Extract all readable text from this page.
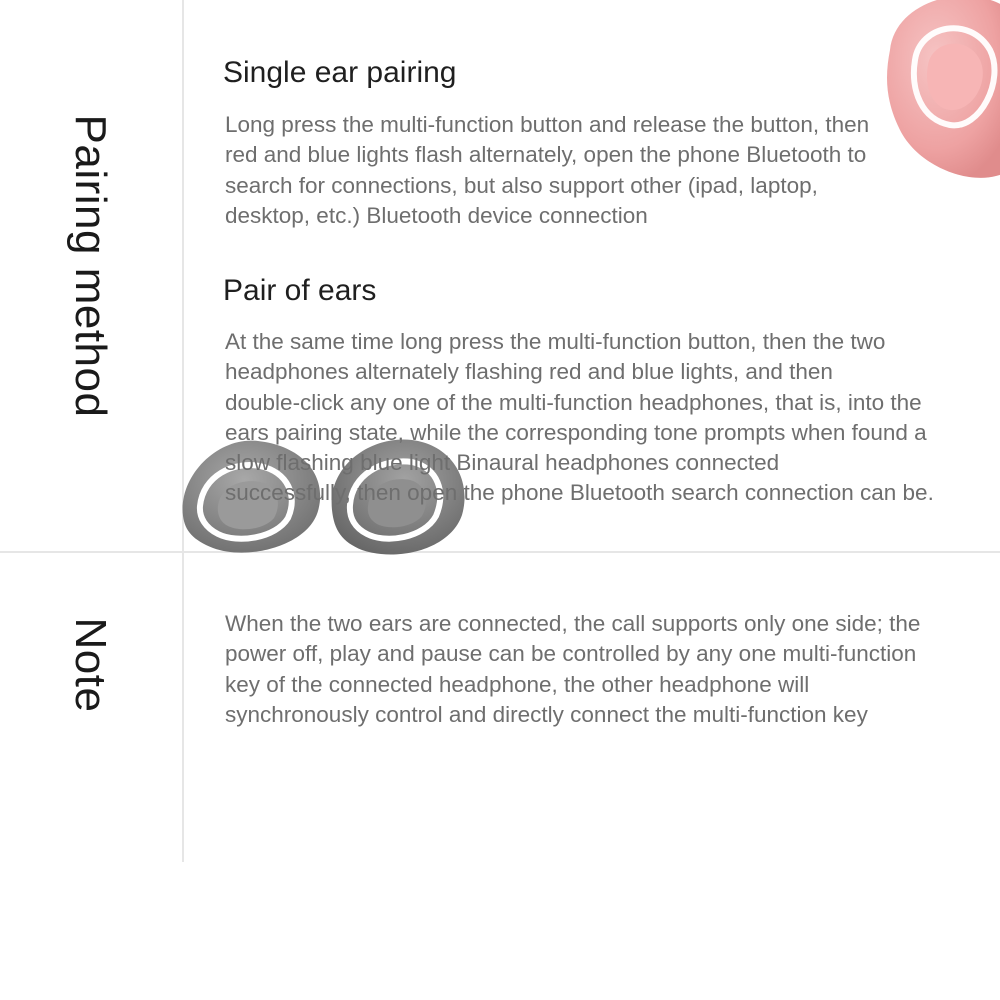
Pairing method
Note
Single ear pairing
Long press the multi-function button and release the button, then
red and blue lights flash alternately, open the phone Bluetooth to
search for connections, but also support other (ipad, laptop,
desktop, etc.) Bluetooth device connection
Pair of ears
At the same time long press the multi-function button, then the two
headphones alternately flashing red and blue lights, and then
double-click any one of the multi-function headphones, that is, into the
ears pairing state, while the corresponding tone prompts when found a
slow flashing blue light Binaural headphones connected
successfully, then open the phone Bluetooth search connection can be.
When the two ears are connected, the call supports only one side; the
power off, play and pause can be controlled by any one multi-function
key of the connected headphone, the other headphone will
synchronously control and directly connect the multi-function key
